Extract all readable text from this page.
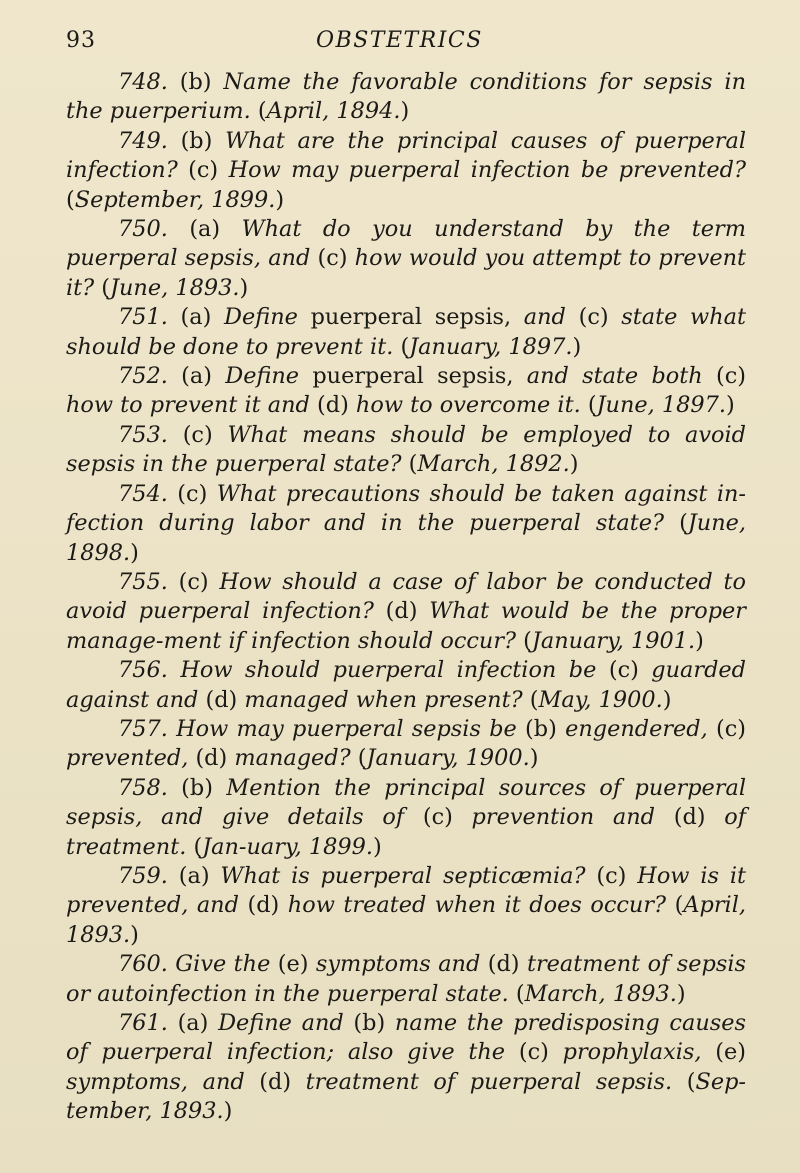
93	OBSTETRICS

748. (b) Name the favorable conditions for sepsis in the puerperium. (April, 1894.)

749. (b) What are the principal causes of puerperal infection? (c) How may puerperal infection be prevented? (September, 1899.)

750. (a) What do you understand by the term puerperal sepsis, and (c) how would you attempt to prevent it? (June, 1893.)

751. (a) Define puerperal sepsis, and (c) state what should be done to prevent it. (January, 1897.)

752. (a) Define puerperal sepsis, and state both (c) how to prevent it and (d) how to overcome it. (June, 1897.)

753. (c) What means should be employed to avoid sepsis in the puerperal state? (March, 1892.)

754. (c) What precautions should be taken against in-fection during labor and in the puerperal state? (June, 1898.)

755. (c) How should a case of labor be conducted to avoid puerperal infection? (d) What would be the proper manage-ment if infection should occur? (January, 1901.)

756. How should puerperal infection be (c) guarded against and (d) managed when present? (May, 1900.)

757. How may puerperal sepsis be (b) engendered, (c) prevented, (d) managed? (January, 1900.)

758. (b) Mention the principal sources of puerperal sepsis, and give details of (c) prevention and (d) of treatment. (Jan-uary, 1899.)

759. (a) What is puerperal septicæmia? (c) How is it prevented, and (d) how treated when it does occur? (April, 1893.)

760. Give the (e) symptoms and (d) treatment of sepsis or autoinfection in the puerperal state. (March, 1893.)

761. (a) Define and (b) name the predisposing causes of puerperal infection; also give the (c) prophylaxis, (e) symptoms, and (d) treatment of puerperal sepsis. (Sep-tember, 1893.)
